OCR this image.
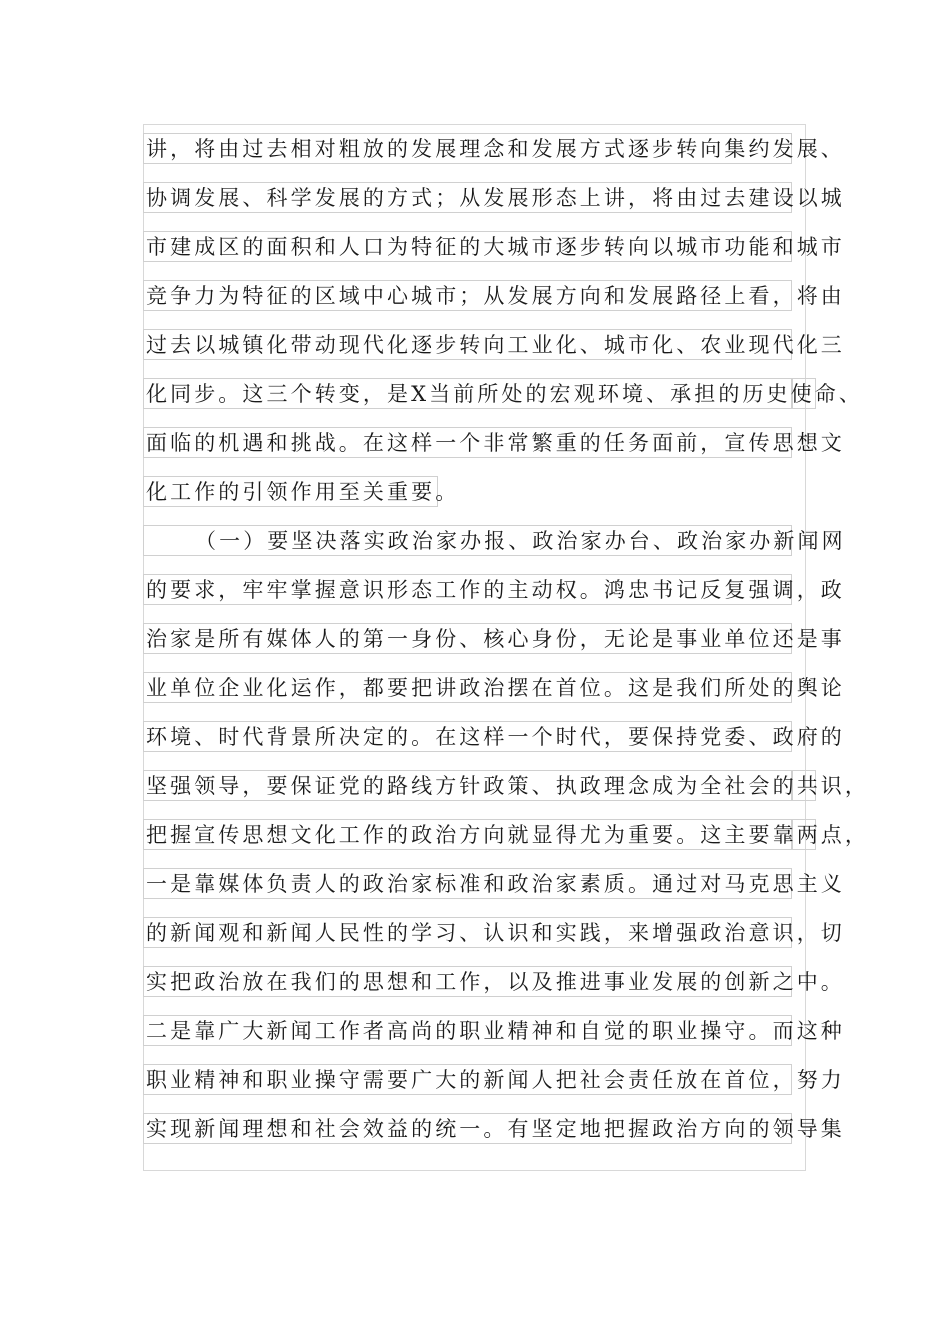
讲，将由过去相对粗放的发展理念和发展方式逐步转向集约发展、
协调发展、科学发展的方式；从发展形态上讲，将由过去建设以城
市建成区的面积和人口为特征的大城市逐步转向以城市功能和城市
竞争力为特征的区域中心城市；从发展方向和发展路径上看，将由
过去以城镇化带动现代化逐步转向工业化、城市化、农业现代化三
化同步。这三个转变，是X当前所处的宏观环境、承担的历史使命、
面临的机遇和挑战。在这样一个非常繁重的任务面前，宣传思想文
化工作的引领作用至关重要。
（一）要坚决落实政治家办报、政治家办台、政治家办新闻网
的要求，牢牢掌握意识形态工作的主动权。鸿忠书记反复强调，政
治家是所有媒体人的第一身份、核心身份，无论是事业单位还是事
业单位企业化运作，都要把讲政治摆在首位。这是我们所处的舆论
环境、时代背景所决定的。在这样一个时代，要保持党委、政府的
坚强领导，要保证党的路线方针政策、执政理念成为全社会的共识，
把握宣传思想文化工作的政治方向就显得尤为重要。这主要靠两点，
一是靠媒体负责人的政治家标准和政治家素质。通过对马克思主义
的新闻观和新闻人民性的学习、认识和实践，来增强政治意识，切
实把政治放在我们的思想和工作，以及推进事业发展的创新之中。
二是靠广大新闻工作者高尚的职业精神和自觉的职业操守。而这种
职业精神和职业操守需要广大的新闻人把社会责任放在首位，努力
实现新闻理想和社会效益的统一。有坚定地把握政治方向的领导集
